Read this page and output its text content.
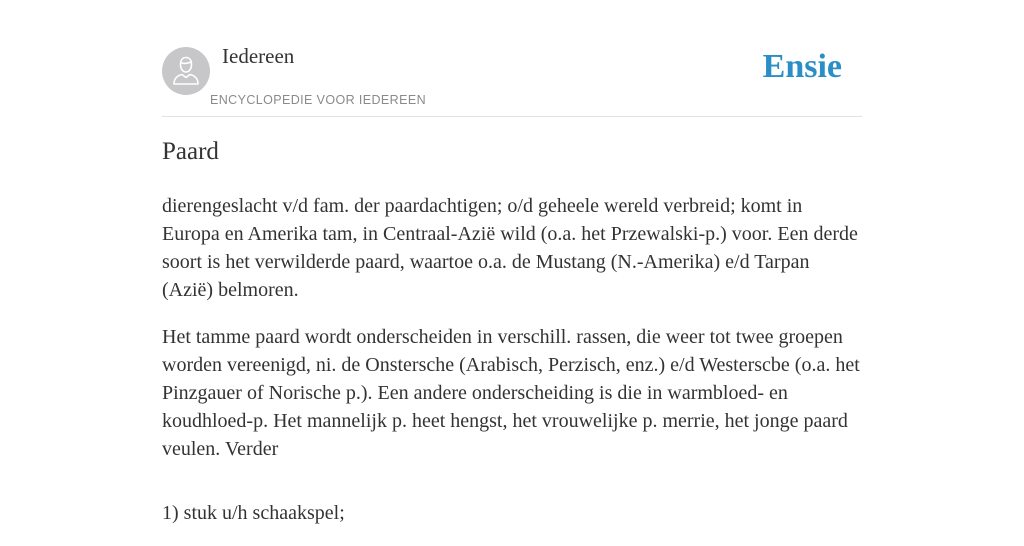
Iedereen
ENCYCLOPEDIE VOOR IEDEREEN
Ensie
Paard

dierengeslacht v/d fam. der paardachtigen; o/d geheele wereld verbreid; komt in Europa en Amerika tam, in Centraal-Azië wild (o.a. het Przewalski-p.) voor. Een derde soort is het verwilderde paard, waartoe o.a. de Mustang (N.-Amerika) e/d Tarpan (Azië) belmoren.

Het tamme paard wordt onderscheiden in verschill. rassen, die weer tot twee groepen worden vereenigd, ni. de Onstersche (Arabisch, Perzisch, enz.) e/d Westerscbe (o.a. het Pinzgauer of Norische p.). Een andere onderscheiding is die in warmbloed- en koudhloed-p. Het mannelijk p. heet hengst, het vrouwelijke p. merrie, het jonge paard veulen. Verder

1) stuk u/h schaakspel;
